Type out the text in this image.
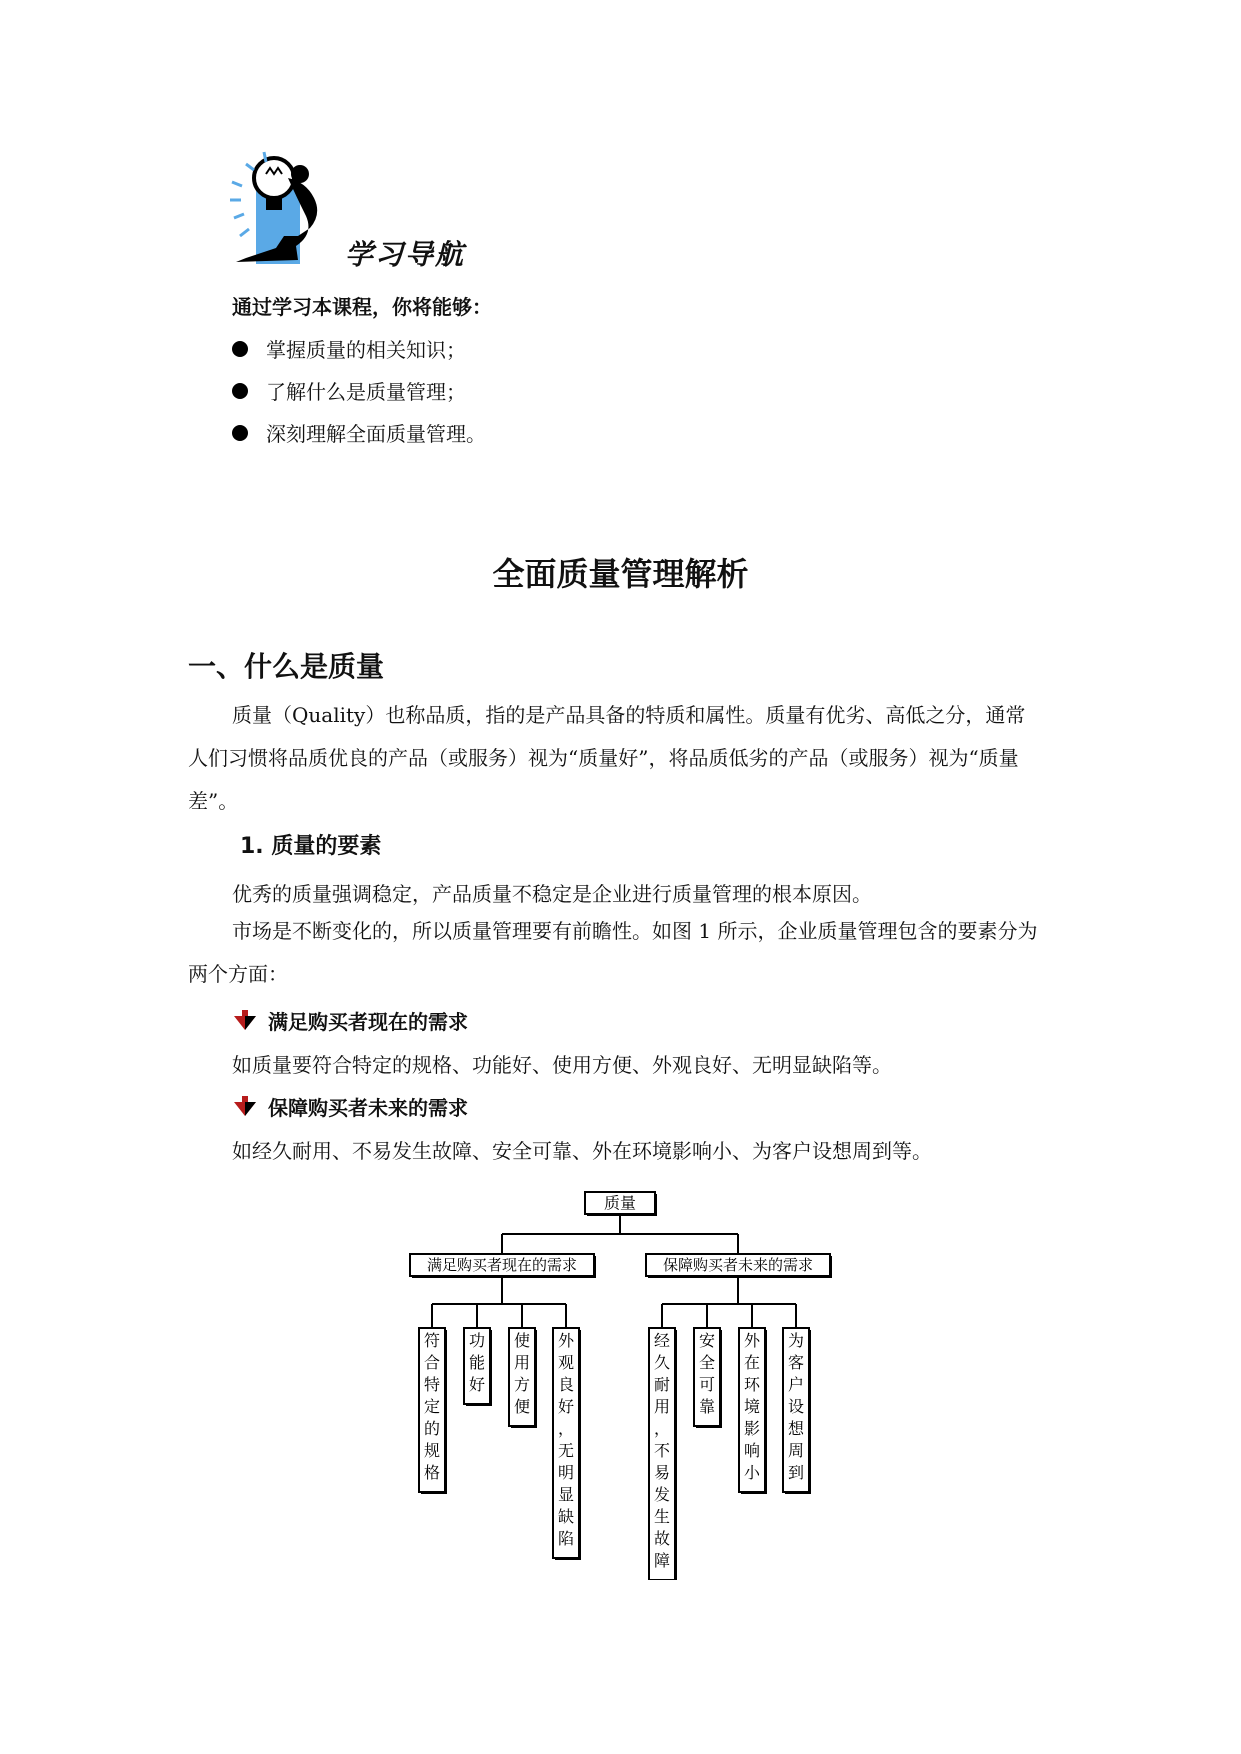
学习导航
通过学习本课程，你将能够：
掌握质量的相关知识；
了解什么是质量管理；
深刻理解全面质量管理。
全面质量管理解析
一、什么是质量
质量（Quality）也称品质，指的是产品具备的特质和属性。质量有优劣、高低之分，通常人们习惯将品质优良的产品（或服务）视为“质量好”，将品质低劣的产品（或服务）视为“质量差”。
1. 质量的要素
优秀的质量强调稳定，产品质量不稳定是企业进行质量管理的根本原因。
市场是不断变化的，所以质量管理要有前瞻性。如图 1 所示，企业质量管理包含的要素分为两个方面：
满足购买者现在的需求
如质量要符合特定的规格、功能好、使用方便、外观良好、无明显缺陷等。
保障购买者未来的需求
如经久耐用、不易发生故障、安全可靠、外在环境影响小、为客户设想周到等。
质量
满足购买者现在的需求
符合特定的规格
功能好
使用方便
外观良好，无明显缺陷
保障购买者未来的需求
经久耐用，不易发生故障
安全可靠
外在环境影响小
为客户设想周到
